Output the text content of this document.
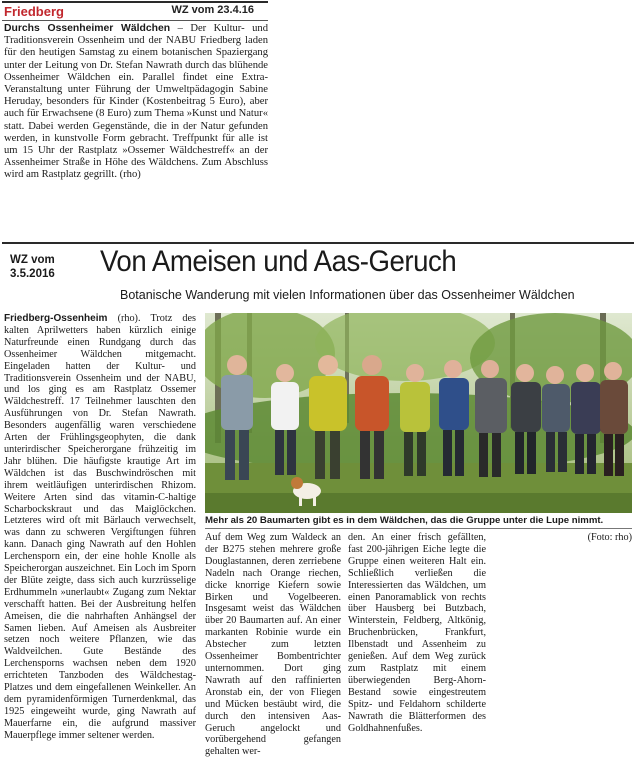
Friedberg	WZ vom 23.4.16
Durchs Ossenheimer Wäldchen – Der Kultur- und Traditionsverein Ossenheim und der NABU Friedberg laden für den heutigen Samstag zu einem botanischen Spaziergang unter der Leitung von Dr. Stefan Nawrath durch das blühende Ossenheimer Wäldchen ein. Parallel findet eine Extra-Veranstaltung unter Führung der Umweltpädagogin Sabine Heruday, besonders für Kinder (Kostenbeitrag 5 Euro), aber auch für Erwachsene (8 Euro) zum Thema »Kunst und Natur« statt. Dabei werden Gegenstände, die in der Natur gefunden werden, in kunstvolle Form gebracht. Treffpunkt für alle ist um 15 Uhr der Rastplatz »Ossemer Wäldchestreff« an der Assenheimer Straße in Höhe des Wäldchens. Zum Abschluss wird am Rastplatz gegrillt. (rho)
WZ vom
3.5.2016	Von Ameisen und Aas-Geruch
Botanische Wanderung mit vielen Informationen über das Ossenheimer Wäldchen
Friedberg-Ossenheim (rho). Trotz des kalten Aprilwetters haben kürzlich einige Naturfreunde einen Rundgang durch das Ossenheimer Wäldchen mitgemacht. Eingeladen hatten der Kultur- und Traditionsverein Ossenheim und der NABU, und los ging es am Rastplatz Ossemer Wäldchestreff. 17 Teilnehmer lauschten den Ausführungen von Dr. Stefan Nawrath. Besonders augenfällig waren verschiedene Arten der Frühlingsgeophyten, die dank unterirdischer Speicherorgane frühzeitig im Jahr blühen. Die häufigste krautige Art im Wäldchen ist das Buschwindröschen mit ihrem weitläufigen unterirdischen Rhizom. Weitere Arten sind das vitamin-C-haltige Scharbockskraut und das Maiglöckchen. Letzteres wird oft mit Bärlauch verwechselt, was dann zu schweren Vergiftungen führen kann. Danach ging Nawrath auf den Hohlen Lerchensporn ein, der eine hohle Knolle als Speicherorgan auszeichnet. Ein Loch im Sporn der Blüte zeigte, dass sich auch kurzrüsselige Erdhummeln »unerlaubt« Zugang zum Nektar verschafft hatten. Bei der Ausbreitung helfen Ameisen, die die nahrhaften Anhängsel der Samen lieben. Auf Ameisen als Ausbreiter setzen noch weitere Pflanzen, wie das Waldveilchen. Gute Bestände des Lerchensporns wachsen neben dem 1920 errichteten Tanzboden des Wäldchestag-Platzes und dem eingefallenen Weinkeller. An dem pyramidenförmigen Turnerdenkmal, das 1925 eingeweiht wurde, ging Nawrath auf Mauerfarne ein, die aufgrund massiver Mauerpflege immer seltener werden.
Mehr als 20 Baumarten gibt es in dem Wäldchen, das die Gruppe unter die Lupe nimmt.
Auf dem Weg zum Waldeck an der B275 stehen mehrere große Douglastannen, deren zerriebene Nadeln nach Orange riechen, dicke knorrige Kiefern sowie Birken und Vogelbeeren. Insgesamt weist das Wäldchen über 20 Baumarten auf. An einer markanten Robinie wurde ein Abstecher zum letzten Ossenheimer Bombentrichter unternommen. Dort ging Nawrath auf den raffinierten Aronstab ein, der von Fliegen und Mücken bestäubt wird, die durch den intensiven Aas-Geruch angelockt und vorübergehend gefangen gehalten wer-
den. An einer frisch gefällten, fast 200-jährigen Eiche legte die Gruppe einen weiteren Halt ein. Schließlich verließen die Interessierten das Wäldchen, um einen Panoramablick von rechts über Hausberg bei Butzbach, Winterstein, Feldberg, Altkönig, Bruchenbrücken, Frankfurt, Ilbenstadt und Assenheim zu genießen. Auf dem Weg zurück zum Rastplatz mit einem überwiegenden Berg-Ahorn-Bestand sowie eingestreutem Spitz- und Feldahorn schilderte Nawrath die Blätterformen des Goldhahnenfußes.
(Foto: rho)
